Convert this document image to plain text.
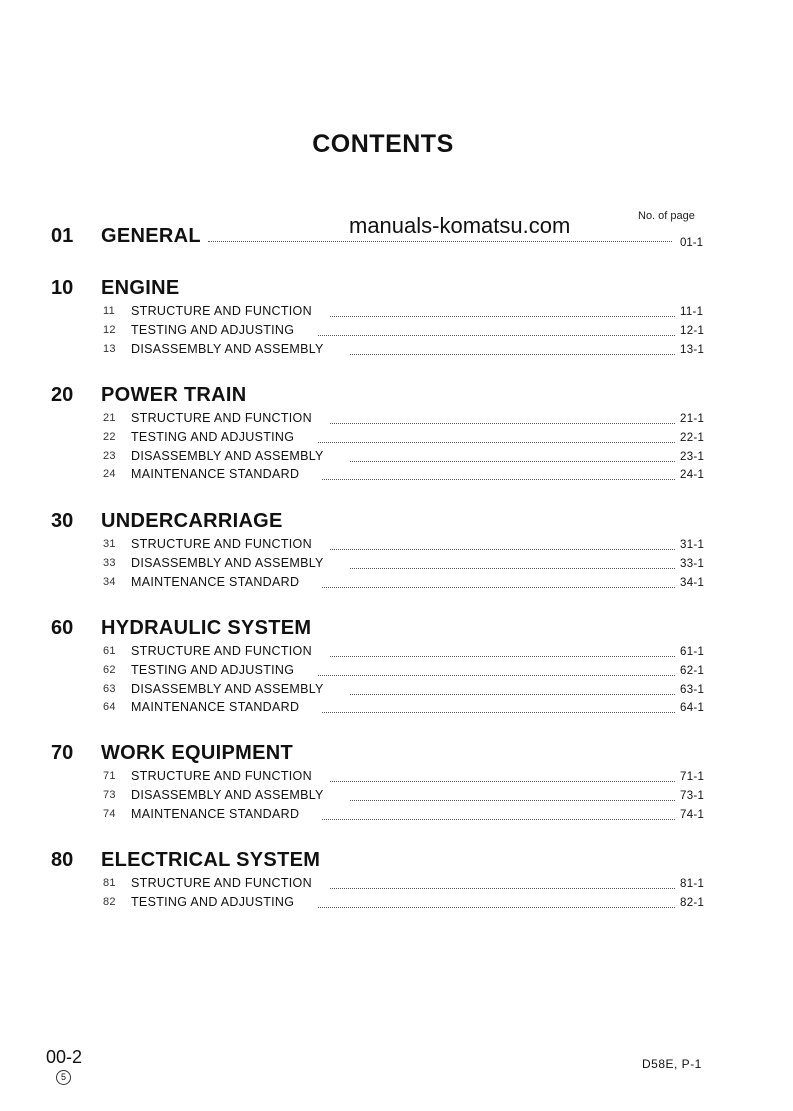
CONTENTS
manuals-komatsu.com	No. of page
01 GENERAL	01-1
10 ENGINE
11 STRUCTURE AND FUNCTION	11-1
12 TESTING AND ADJUSTING	12-1
13 DISASSEMBLY AND ASSEMBLY	13-1
20 POWER TRAIN
21 STRUCTURE AND FUNCTION	21-1
22 TESTING AND ADJUSTING	22-1
23 DISASSEMBLY AND ASSEMBLY	23-1
24 MAINTENANCE STANDARD	24-1
30 UNDERCARRIAGE
31 STRUCTURE AND FUNCTION	31-1
33 DISASSEMBLY AND ASSEMBLY	33-1
34 MAINTENANCE STANDARD	34-1
60 HYDRAULIC SYSTEM
61 STRUCTURE AND FUNCTION	61-1
62 TESTING AND ADJUSTING	62-1
63 DISASSEMBLY AND ASSEMBLY	63-1
64 MAINTENANCE STANDARD	64-1
70 WORK EQUIPMENT
71 STRUCTURE AND FUNCTION	71-1
73 DISASSEMBLY AND ASSEMBLY	73-1
74 MAINTENANCE STANDARD	74-1
80 ELECTRICAL SYSTEM
81 STRUCTURE AND FUNCTION	81-1
82 TESTING AND ADJUSTING	82-1
00-2
5
D58E, P-1
